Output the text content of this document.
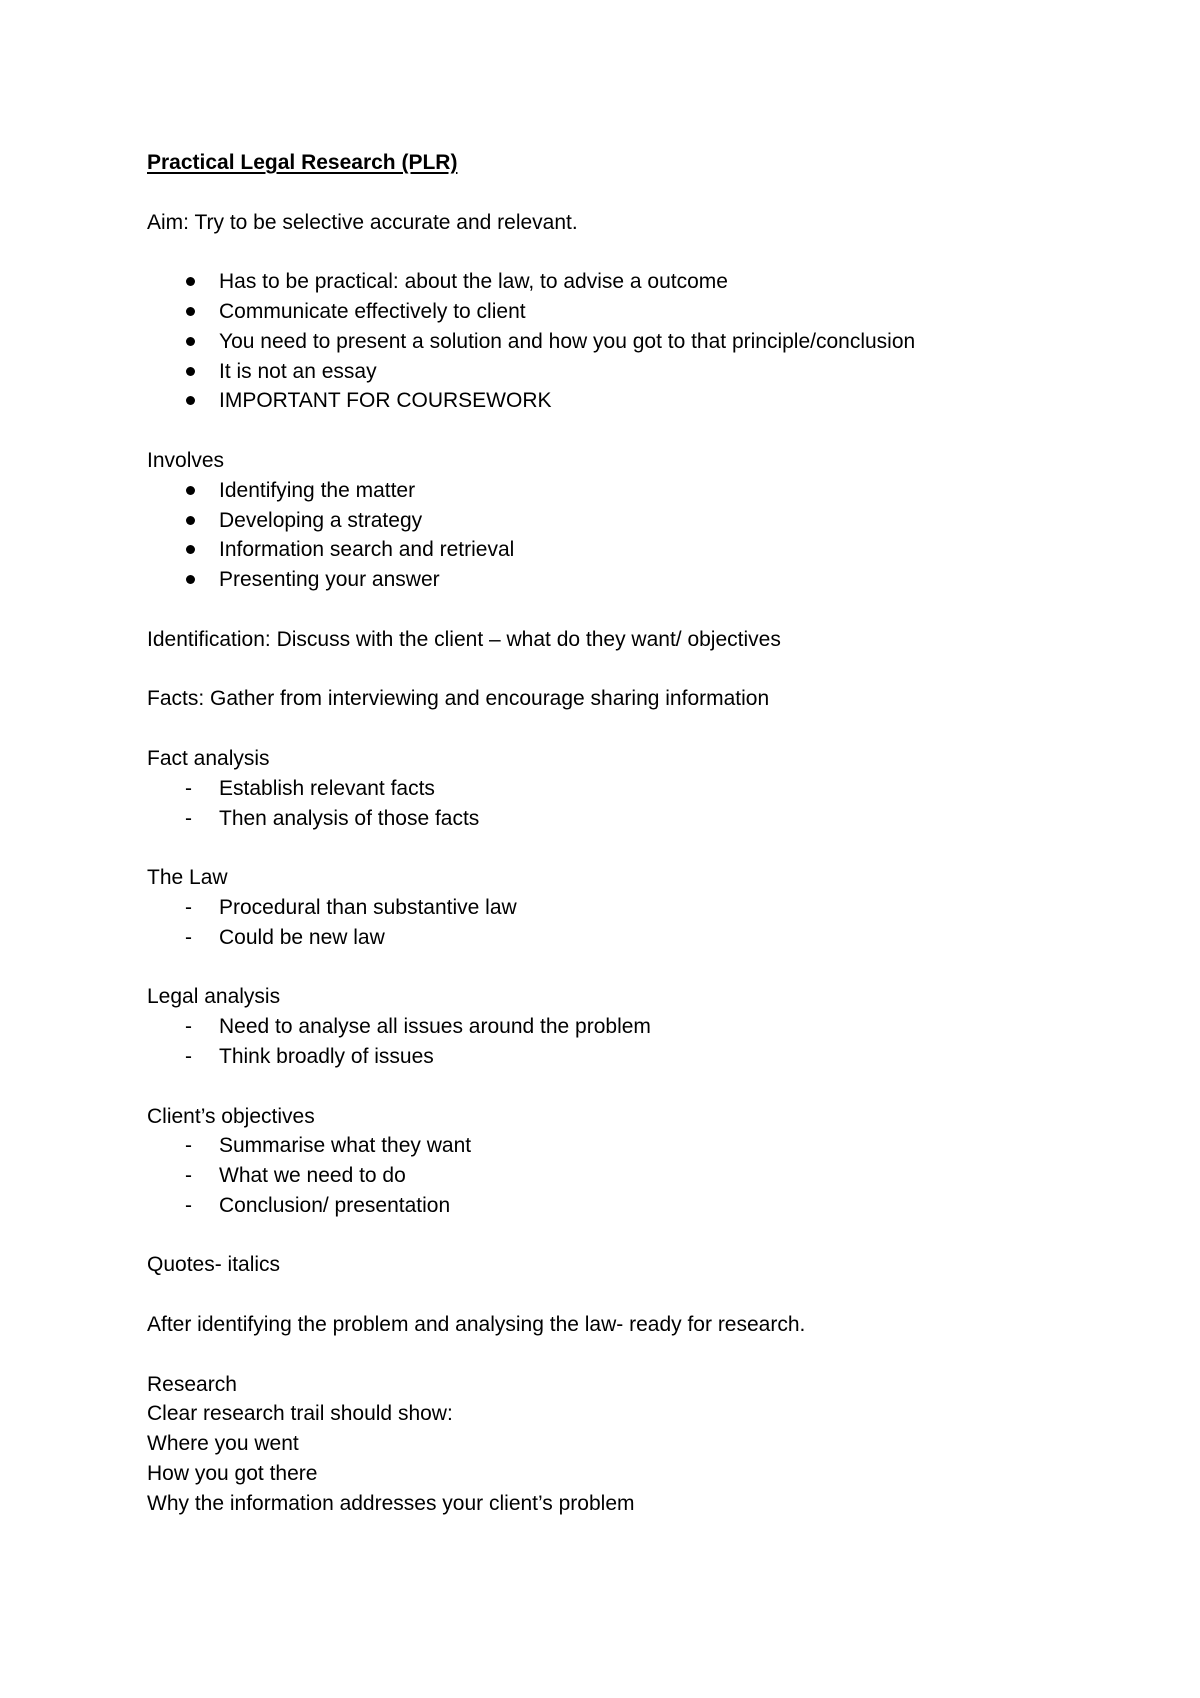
Practical Legal Research (PLR)
Aim: Try to be selective accurate and relevant.
Has to be practical: about the law, to advise a outcome
Communicate effectively to client
You need to present a solution and how you got to that principle/conclusion
It is not an essay
IMPORTANT FOR COURSEWORK
Involves
Identifying the matter
Developing a strategy
Information search and retrieval
Presenting your answer
Identification: Discuss with the client – what do they want/ objectives
Facts: Gather from interviewing and encourage sharing information
Fact analysis
-	Establish relevant facts
-	Then analysis of those facts
The Law
-	Procedural than substantive law
-	Could be new law
Legal analysis
-	Need to analyse all issues around the problem
-	Think broadly of issues
Client’s objectives
-	Summarise what they want
-	What we need to do
-	Conclusion/ presentation
Quotes- italics
After identifying the problem and analysing the law- ready for research.
Research
Clear research trail should show:
Where you went
How you got there
Why the information addresses your client’s problem
